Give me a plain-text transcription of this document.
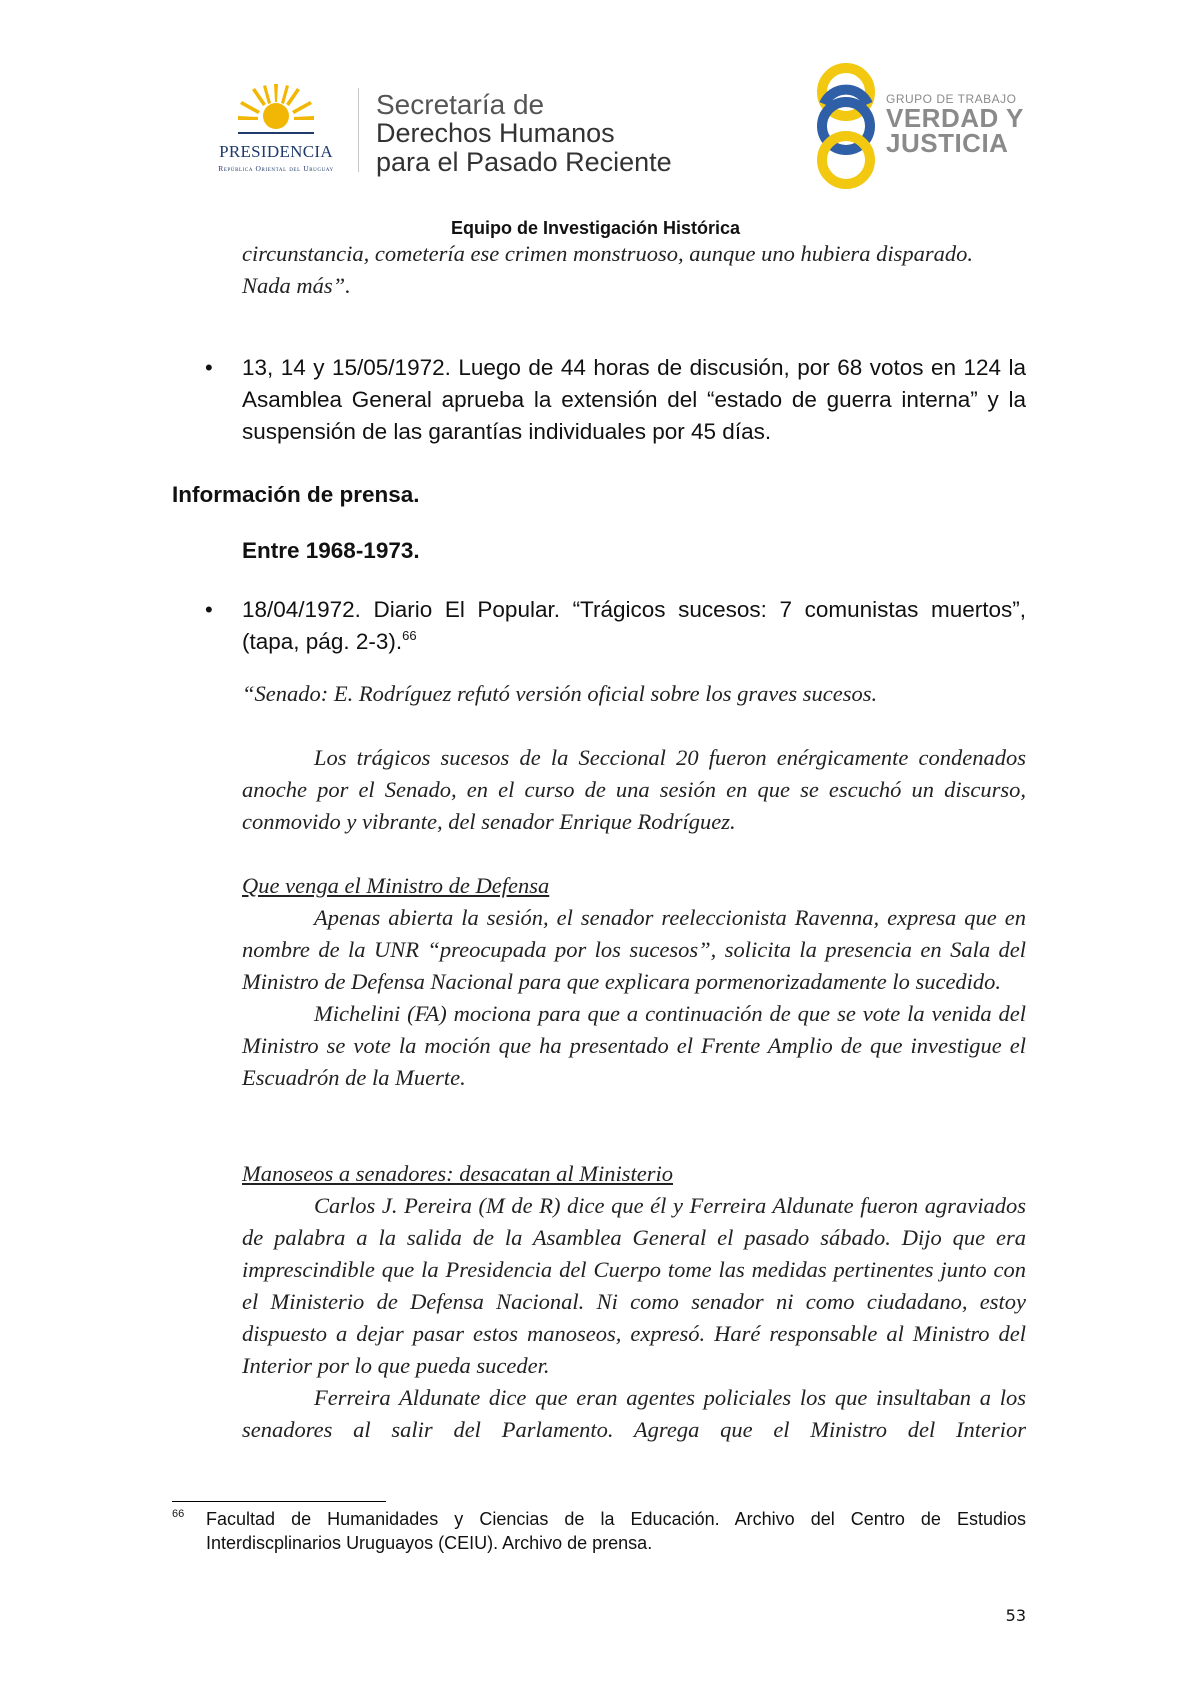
PRESIDENCIA
República Oriental del Uruguay
Secretaría de
Derechos Humanos
para el Pasado Reciente
GRUPO DE TRABAJO
VERDAD Y
JUSTICIA
Equipo de Investigación Histórica

circunstancia, cometería ese crimen monstruoso, aunque uno hubiera disparado.

Nada más”.

• 13, 14 y 15/05/1972. Luego de 44 horas de discusión, por 68 votos en 124 la Asamblea General aprueba la extensión del “estado de guerra interna” y la suspensión de las garantías individuales por 45 días.

Información de prensa.
Entre 1968-1973.
• 18/04/1972. Diario El Popular. “Trágicos sucesos: 7 comunistas muertos”, (tapa, pág. 2-3).$^{66}$

“Senado: E. Rodríguez refutó versión oficial sobre los graves sucesos.
Los trágicos sucesos de la Seccional 20 fueron enérgicamente condenados anoche por el Senado, en el curso de una sesión en que se escuchó un discurso, conmovido y vibrante, del senador Enrique Rodríguez.
Que venga el Ministro de Defensa

Apenas abierta la sesión, el senador reeleccionista Ravenna, expresa que en nombre de la UNR “preocupada por los sucesos”, solicita la presencia en Sala del Ministro de Defensa Nacional para que explicara pormenorizadamente lo sucedido.

Michelini (FA) mociona para que a continuación de que se vote la venida del Ministro se vote la moción que ha presentado el Frente Amplio de que investigue el Escuadrón de la Muerte.

Manoseos a senadores: desacatan al Ministerio

Carlos J. Pereira (M de R) dice que él y Ferreira Aldunate fueron agraviados de palabra a la salida de la Asamblea General el pasado sábado. Dijo que era imprescindible que la Presidencia del Cuerpo tome las medidas pertinentes junto con el Ministerio de Defensa Nacional. Ni como senador ni como ciudadano, estoy dispuesto a dejar pasar estos manoseos, expresó. Haré responsable al Ministro del Interior por lo que pueda suceder.

Ferreira Aldunate dice que eran agentes policiales los que insultaban a los senadores al salir del Parlamento. Agrega que el Ministro del Interior

66 Facultad de Humanidades y Ciencias de la Educación. Archivo del Centro de Estudios Interdiscplinarios Uruguayos (CEIU). Archivo de prensa.
53
